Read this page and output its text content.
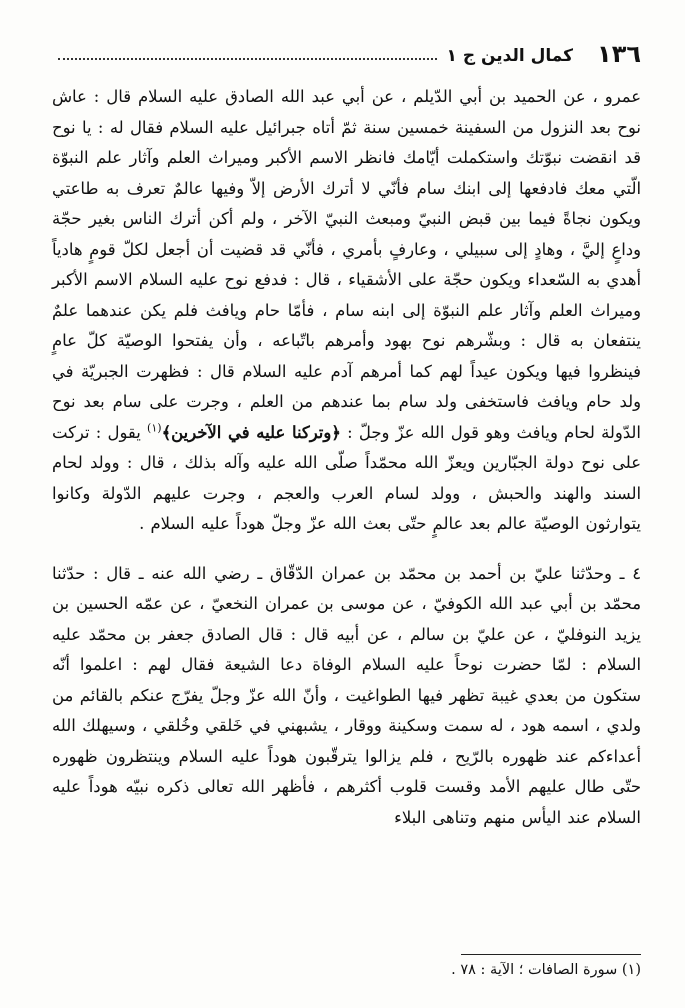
١٣٦
كمال الدين ج ١

عمرو ، عن الحميد بن أبي الدّيلم ، عن أبي عبد الله الصادق عليه السلام قال : عاش نوح بعد النزول من السفينة خمسين سنة ثمّ أتاه جبرائيل عليه السلام فقال له : يا نوح قد انقضت نبوّتك واستكملت أيّامك فانظر الاسم الأكبر وميراث العلم وآثار علم النبوّة الّتي معك فادفعها إلى ابنك سام فأنّي لا أترك الأرض إلاّ وفيها عالمٌ تعرف به طاعتي ويكون نجاةً فيما بين قبض النبيّ ومبعث النبيّ الآخر ، ولم أكن أترك الناس بغير حجّة وداعٍ إليَّ ، وهادٍ إلى سبيلي ، وعارفٍ بأمري ، فأنّي قد قضيت أن أجعل لكلّ قومٍ هادياً أهدي به السّعداء ويكون حجّة على الأشقياء ، قال : فدفع نوح عليه السلام الاسم الأكبر وميراث العلم وآثار علم النبوّة إلى ابنه سام ، فأمّا حام ويافث فلم يكن عندهما علمٌ ينتفعان به قال : وبشّرهم نوح بهود وأمرهم باتّباعه ، وأن يفتحوا الوصيّة كلّ عامٍ فينظروا فيها ويكون عيداً لهم كما أمرهم آدم عليه السلام قال : فظهرت الجبريّة في ولد حام ويافث فاستخفى ولد سام بما عندهم من العلم ، وجرت على سام بعد نوح الدّولة لحام ويافث وهو قول الله عزّ وجلّ : ﴿وتركنا عليه في الآخرين﴾$^{(١)}$ يقول : تركت على نوح دولة الجبّارين ويعزّ الله محمّداً صلّى الله عليه وآله بذلك ، قال : وولد لحام السند والهند والحبش ، وولد لسام العرب والعجم ، وجرت عليهم الدّولة وكانوا يتوارثون الوصيّة عالم بعد عالمٍ حتّى بعث الله عزّ وجلّ هوداً عليه السلام .

٤ ـ وحدّثنا عليّ بن أحمد بن محمّد بن عمران الدّقّاق ـ رضي الله عنه ـ قال : حدّثنا محمّد بن أبي عبد الله الكوفيّ ، عن موسى بن عمران النخعيّ ، عن عمّه الحسين بن يزيد النوفليّ ، عن عليّ بن سالم ، عن أبيه قال : قال الصادق جعفر بن محمّد عليه السلام : لمّا حضرت نوحاً عليه السلام الوفاة دعا الشيعة فقال لهم : اعلموا أنّه ستكون من بعدي غيبة تظهر فيها الطواغيت ، وأنّ الله عزّ وجلّ يفرّج عنكم بالقائم من ولدي ، اسمه هود ، له سمت وسكينة ووقار ، يشبهني في خَلقي وخُلقي ، وسيهلك الله أعداءكم عند ظهوره بالرّيح ، فلم يزالوا يترقّبون هوداً عليه السلام وينتظرون ظهوره حتّى طال عليهم الأمد وقست قلوب أكثرهم ، فأظهر الله تعالى ذكره نبيّه هوداً عليه السلام عند اليأس منهم وتناهى البلاء

(١) سورة الصافات ؛ الآية : ٧٨ .
